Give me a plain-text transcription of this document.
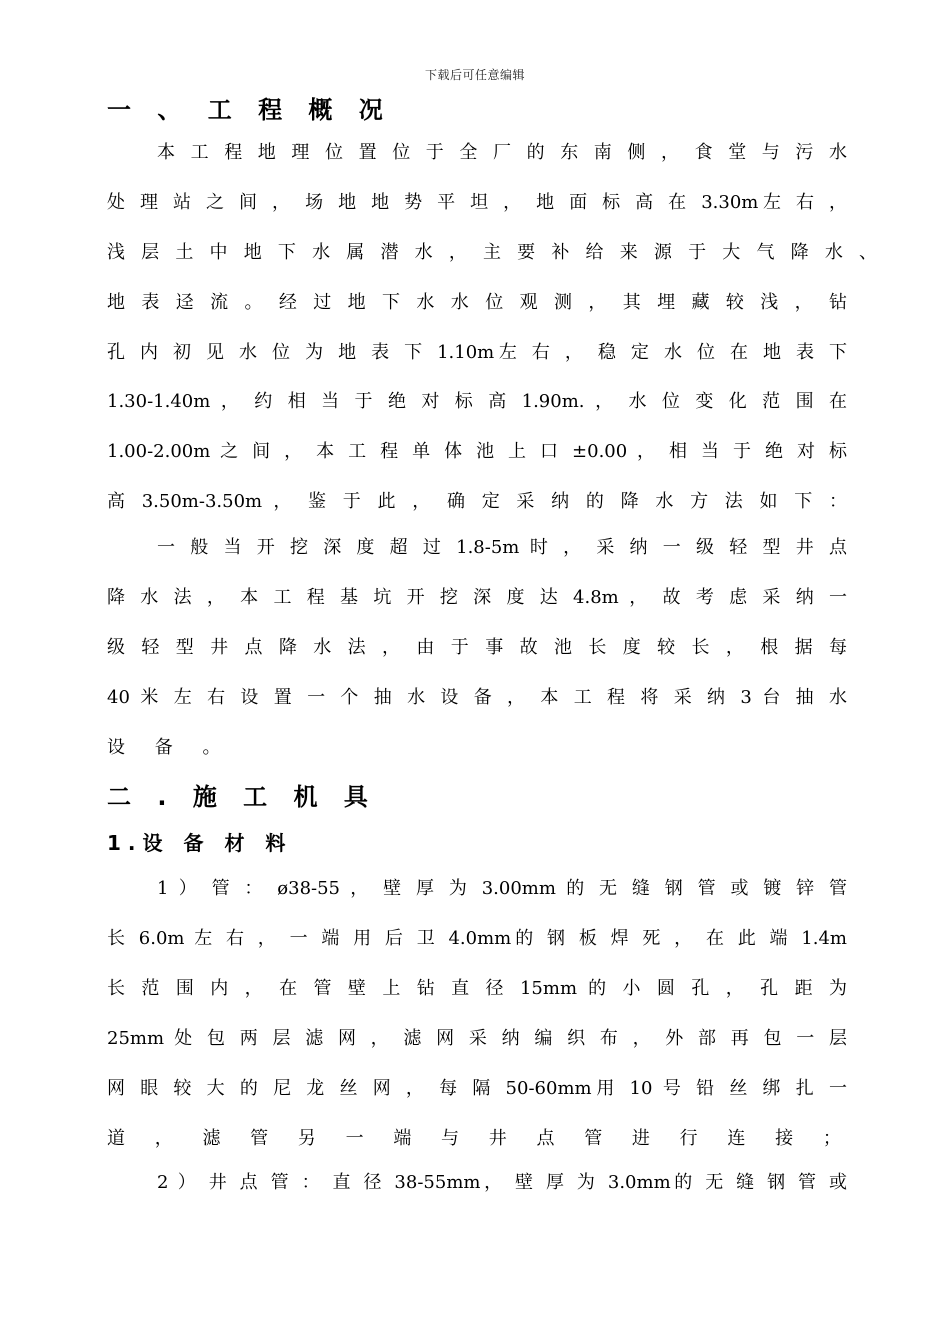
下载后可任意编辑
一 、 工 程 概 况
本 工 程 地 理 位 置 位 于 全 厂 的 东 南 侧 ， 食 堂 与 污 水
处 理 站 之 间 ， 场 地 地 势 平 坦 ， 地 面 标 高 在 3.30m左 右 ，
浅 层 土 中 地 下 水 属 潜 水 ， 主 要 补 给 来 源 于 大 气 降 水 、
地 表 迳 流 。 经 过 地 下 水 水 位 观 测 ， 其 埋 藏 较 浅 ， 钻
孔 内 初 见 水 位 为 地 表 下 1.10m左 右 ， 稳 定 水 位 在 地 表 下
1.30-1.40m ， 约 相 当 于 绝 对 标 高 1.90m. ， 水 位 变 化 范 围 在
1.00-2.00m 之 间 ， 本 工 程 单 体 池 上 口 ±0.00 ， 相 当 于 绝 对 标
高 3.50m-3.50m ， 鉴 于 此 ， 确 定 采 纳 的 降 水 方 法 如 下 ：
一 般 当 开 挖 深 度 超 过 1.8-5m 时 ， 采 纳 一 级 轻 型 井 点
降 水 法 ， 本 工 程 基 坑 开 挖 深 度 达 4.8m ， 故 考 虑 采 纳 一
级 轻 型 井 点 降 水 法 ， 由 于 事 故 池 长 度 较 长 ， 根 据 每
40 米 左 右 设 置 一 个 抽 水 设 备 ， 本 工 程 将 采 纳 3 台 抽 水
设 备 。
二 . 施 工 机 具
1.设 备 材 料
1 ） 管 ： ø38-55 ， 壁 厚 为 3.00mm 的 无 缝 钢 管 或 镀 锌 管
长 6.0m 左 右 ， 一 端 用 后 卫 4.0mm的 钢 板 焊 死 ， 在 此 端 1.4m
长 范 围 内 ， 在 管 壁 上 钻 直 径 15mm 的 小 圆 孔 ， 孔 距 为
25mm 处 包 两 层 滤 网 ， 滤 网 采 纳 编 织 布 ， 外 部 再 包 一 层
网 眼 较 大 的 尼 龙 丝 网 ， 每 隔 50-60mm用 10 号 铅 丝 绑 扎 一
道 ， 滤 管 另 一 端 与 井 点 管 进 行 连 接 ；
2 ） 井 点 管 ： 直 径 38-55mm， 壁 厚 为 3.0mm的 无 缝 钢 管 或
